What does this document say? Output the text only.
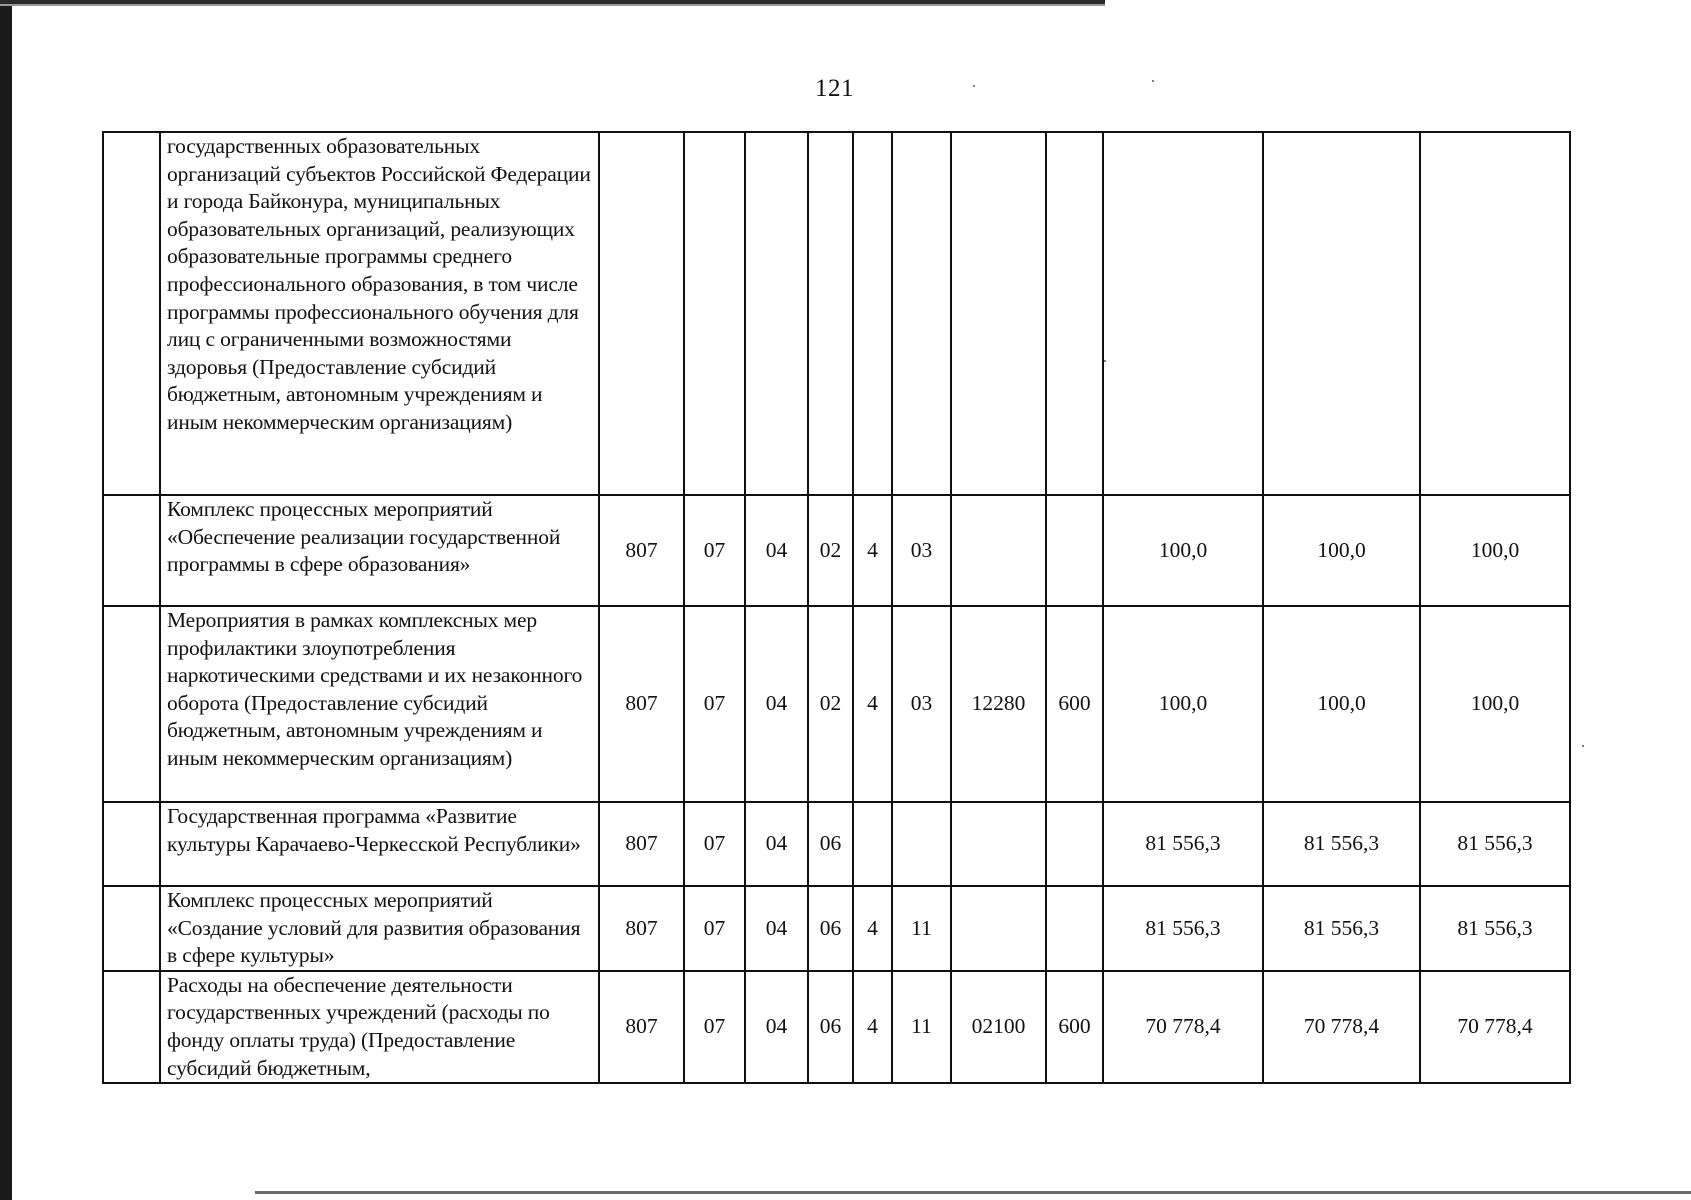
121
	государственных образовательных организаций субъектов Российской Федерации и города Байконура, муниципальных образовательных организаций, реализующих образовательные программы среднего профессионального образования, в том числе программы профессионального обучения для лиц с ограниченными возможностями здоровья (Предоставление субсидий бюджетным, автономным учреждениям и иным некоммерческим организациям)											
	Комплекс процессных мероприятий «Обеспечение реализации государственной программы в сфере образования»	807	07	04	02	4	03			100,0	100,0	100,0
	Мероприятия в рамках комплексных мер профилактики злоупотребления наркотическими средствами и их незаконного оборота (Предоставление субсидий бюджетным, автономным учреждениям и иным некоммерческим организациям)	807	07	04	02	4	03	12280	600	100,0	100,0	100,0
	Государственная программа «Развитие культуры Карачаево-Черкесской Республики»	807	07	04	06					81 556,3	81 556,3	81 556,3
	Комплекс процессных мероприятий «Создание условий для развития образования в сфере культуры»	807	07	04	06	4	11			81 556,3	81 556,3	81 556,3
	Расходы на обеспечение деятельности государственных учреждений (расходы по фонду оплаты труда) (Предоставление субсидий бюджетным,	807	07	04	06	4	11	02100	600	70 778,4	70 778,4	70 778,4
